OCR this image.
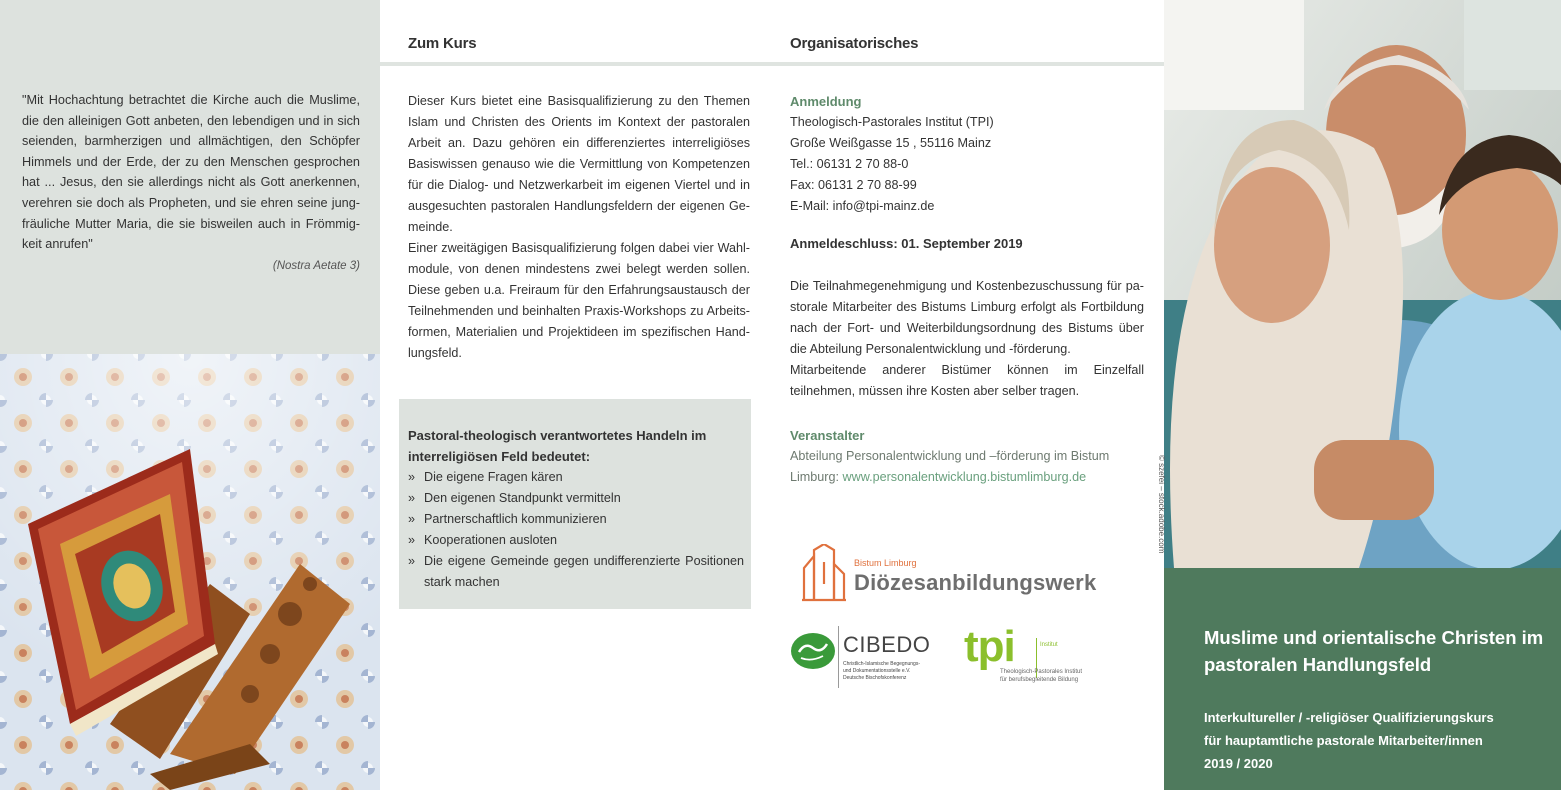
"Mit Hochachtung betrachtet die Kirche auch die Muslime, die den alleinigen Gott anbeten, den lebendigen und in sich seienden, barmherzigen und allmächtigen, den Schöpfer Himmels und der Erde, der zu den Menschen gesprochen hat ... Jesus, den sie allerdings nicht als Gott anerkennen, verehren sie doch als Propheten, und sie ehren seine jungfräuliche Mutter Maria, die sie bisweilen auch in Frömmigkeit anrufen"

(Nostra Aetate 3)
Zum Kurs	Organisatorisches

Dieser Kurs bietet eine Basisqualifizierung zu den Themen Islam und Christen des Orients im Kontext der pastoralen Arbeit an. Dazu gehören ein differenziertes interreligiöses Basiswissen genauso wie die Vermittlung von Kompetenzen für die Dialog- und Netzwerkarbeit im eigenen Viertel und in ausgesuchten pastoralen Handlungsfeldern der eigenen Gemeinde.
Einer zweitägigen Basisqualifizierung folgen dabei vier Wahlmodule, von denen mindestens zwei belegt werden sollen. Diese geben u.a. Freiraum für den Erfahrungsaustausch der Teilnehmenden und beinhalten Praxis-Workshops zu Arbeitsformen, Materialien und Projektideen im spezifischen Handlungsfeld.

Pastoral-theologisch verantwortetes Handeln im interreligiösen Feld bedeutet:

» Die eigene Fragen kären
» Den eigenen Standpunkt vermitteln
» Partnerschaftlich kommunizieren
» Kooperationen ausloten
» Die eigene Gemeinde gegen undifferenzierte Positionen stark machen
Anmeldung
Theologisch-Pastorales Institut (TPI)
Große Weißgasse 15 , 55116 Mainz
Tel.: 06131 2 70 88-0
Fax: 06131 2 70 88-99
E-Mail: info@tpi-mainz.de
Anmeldeschluss: 01. September 2019

Die Teilnahmegenehmigung und Kostenbezuschussung für pastorale Mitarbeiter des Bistums Limburg erfolgt als Fortbildung nach der Fort- und Weiterbildungsordnung des Bistums über die Abteilung Personalentwicklung und -förderung.
Mitarbeitende anderer Bistümer können im Einzelfall teilnehmen, müssen ihre Kosten aber selber tragen.

Veranstalter
Abteilung Personalentwicklung und –förderung im Bistum
Limburg: www.personalentwicklung.bistumlimburg.de
Bistum Limburg
Diözesanbildungswerk
CIBEDO
Christlich-Islamische Begegnungs-
und Dokumentationsstelle e.V.
Deutsche Bischofskonferenz
tpi	Institut
Theologisch-Pastorales Institut
für berufsbegleitende Bildung
© szefei – stock.adobe.com

Muslime und orientalische Christen im pastoralen Handlungsfeld

Interkultureller / -religiöser Qualifizierungskurs
für hauptamtliche pastorale Mitarbeiter/innen
2019 / 2020
